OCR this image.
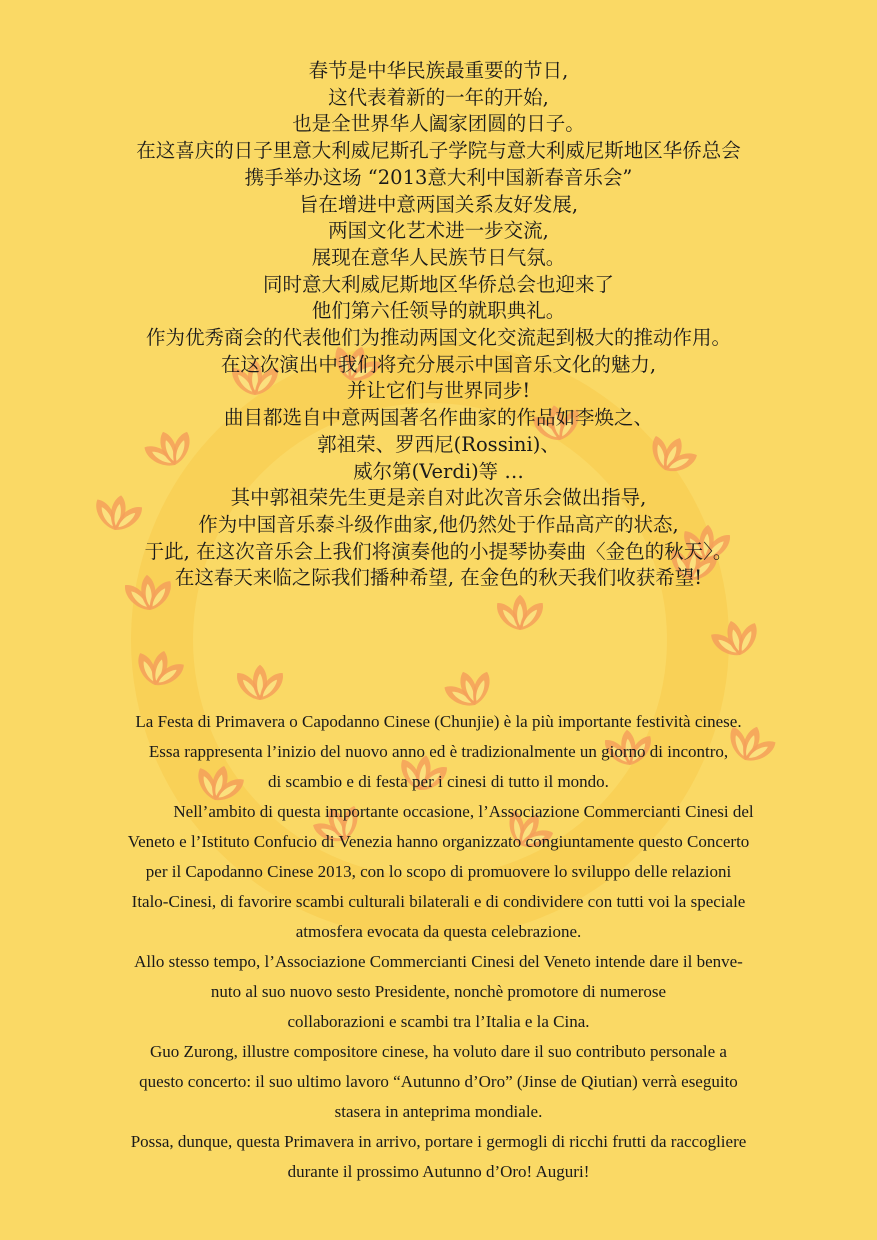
春节是中华民族最重要的节日,
这代表着新的一年的开始,
也是全世界华人阖家团圆的日子。
在这喜庆的日子里意大利威尼斯孔子学院与意大利威尼斯地区华侨总会
携手举办这场 “2013意大利中国新春音乐会”
旨在增进中意两国关系友好发展,
两国文化艺术进一步交流,
展现在意华人民族节日气氛。
同时意大利威尼斯地区华侨总会也迎来了
他们第六任领导的就职典礼。
作为优秀商会的代表他们为推动两国文化交流起到极大的推动作用。
在这次演出中我们将充分展示中国音乐文化的魅力,
并让它们与世界同步!
曲目都选自中意两国著名作曲家的作品如李焕之、
郭祖荣、罗西尼(Rossini)、
威尔第(Verdi)等 …
其中郭祖荣先生更是亲自对此次音乐会做出指导,
作为中国音乐泰斗级作曲家,他仍然处于作品高产的状态,
于此, 在这次音乐会上我们将演奏他的小提琴协奏曲〈金色的秋天〉。
在这春天来临之际我们播种希望, 在金色的秋天我们收获希望!
La Festa di Primavera o Capodanno Cinese (Chunjie) è la più importante festività cinese.
Essa rappresenta l’inizio del nuovo anno ed è tradizionalmente un giorno di incontro,
di scambio e di festa per i cinesi di tutto il mondo.
Nell’ambito di questa importante occasione, l’Associazione Commercianti Cinesi del
Veneto e l’Istituto Confucio di Venezia hanno organizzato congiuntamente questo Concerto
per il Capodanno Cinese 2013, con lo scopo di promuovere lo sviluppo delle relazioni
Italo-Cinesi, di favorire scambi culturali bilaterali e di condividere con tutti voi la speciale
atmosfera evocata da questa celebrazione.
Allo stesso tempo, l’Associazione Commercianti Cinesi del Veneto intende dare il benve-
nuto al suo nuovo sesto Presidente, nonchè promotore di numerose
collaborazioni e scambi tra l’Italia e la Cina.
Guo Zurong, illustre compositore cinese, ha voluto dare il suo contributo personale a
questo concerto: il suo ultimo lavoro “Autunno d’Oro” (Jinse de Qiutian) verrà eseguito
stasera in anteprima mondiale.
Possa, dunque, questa Primavera in arrivo, portare i germogli di ricchi frutti da raccogliere
durante il prossimo Autunno d’Oro! Auguri!
